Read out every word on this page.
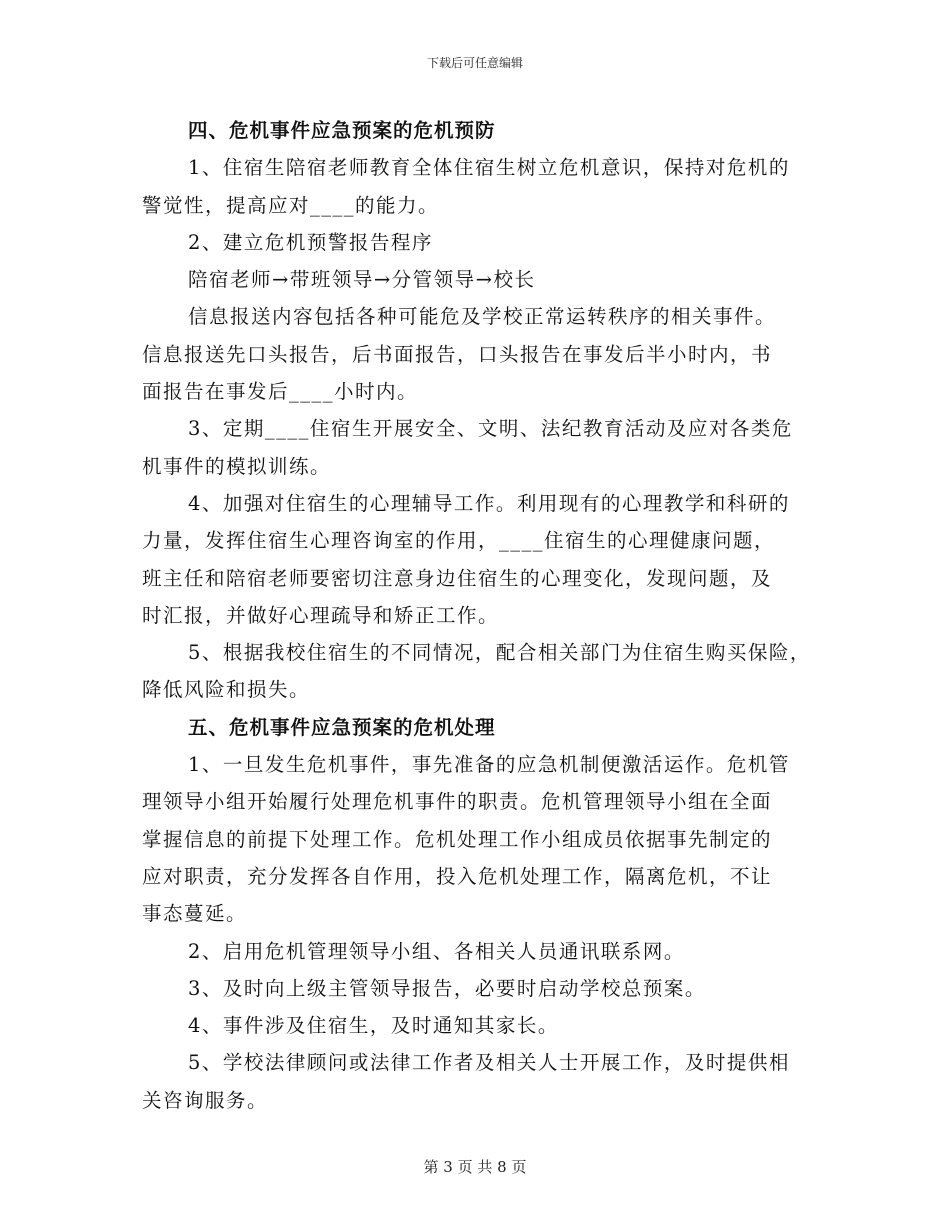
下载后可任意编辑
四、危机事件应急预案的危机预防
1、住宿生陪宿老师教育全体住宿生树立危机意识，保持对危机的
警觉性，提高应对____的能力。
2、建立危机预警报告程序
陪宿老师→带班领导→分管领导→校长
信息报送内容包括各种可能危及学校正常运转秩序的相关事件。
信息报送先口头报告，后书面报告，口头报告在事发后半小时内，书
面报告在事发后____小时内。
3、定期____住宿生开展安全、文明、法纪教育活动及应对各类危
机事件的模拟训练。
4、加强对住宿生的心理辅导工作。利用现有的心理教学和科研的
力量，发挥住宿生心理咨询室的作用，____住宿生的心理健康问题，
班主任和陪宿老师要密切注意身边住宿生的心理变化，发现问题，及
时汇报，并做好心理疏导和矫正工作。
5、根据我校住宿生的不同情况，配合相关部门为住宿生购买保险，
降低风险和损失。
五、危机事件应急预案的危机处理
1、一旦发生危机事件，事先准备的应急机制便激活运作。危机管
理领导小组开始履行处理危机事件的职责。危机管理领导小组在全面
掌握信息的前提下处理工作。危机处理工作小组成员依据事先制定的
应对职责，充分发挥各自作用，投入危机处理工作，隔离危机，不让
事态蔓延。
2、启用危机管理领导小组、各相关人员通讯联系网。
3、及时向上级主管领导报告，必要时启动学校总预案。
4、事件涉及住宿生，及时通知其家长。
5、学校法律顾问或法律工作者及相关人士开展工作，及时提供相
关咨询服务。
第 3 页 共 8 页
